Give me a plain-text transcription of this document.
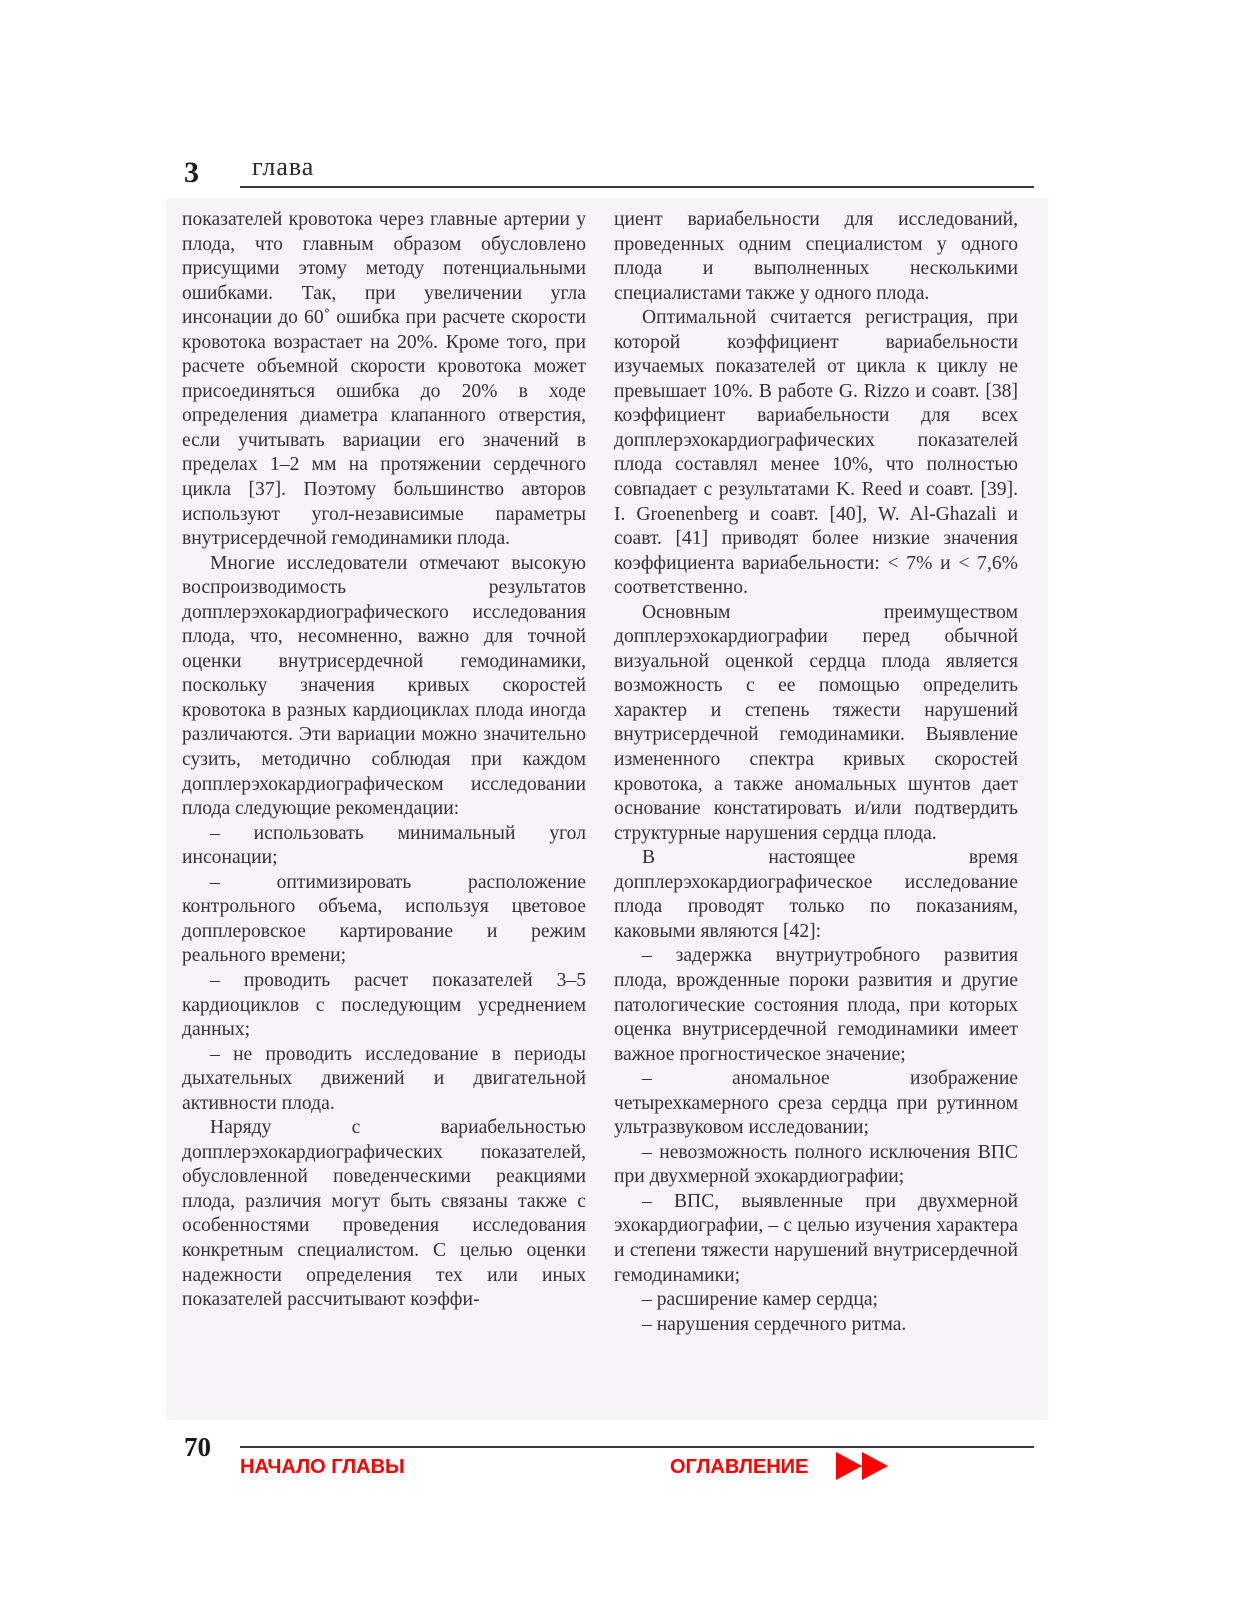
3 глава

показателей кровотока через главные артерии у плода, что главным образом обусловлено присущими этому методу потенциальными ошибками. Так, при увеличении угла инсонации до 60˚ ошибка при расчете скорости кровотока возрастает на 20%. Кроме того, при расчете объемной скорости кровотока может присоединяться ошибка до 20% в ходе определения диаметра клапанного отверстия, если учитывать вариации его значений в пределах 1–2 мм на протяжении сердечного цикла [37]. Поэтому большинство авторов используют угол-независимые параметры внутрисердечной гемодинамики плода.

Многие исследователи отмечают высокую воспроизводимость результатов допплерэхокардиографического исследования плода, что, несомненно, важно для точной оценки внутрисердечной гемодинамики, поскольку значения кривых скоростей кровотока в разных кардиоциклах плода иногда различаются. Эти вариации можно значительно сузить, методично соблюдая при каждом допплерэхокардиографическом исследовании плода следующие рекомендации:

– использовать минимальный угол инсонации;

– оптимизировать расположение контрольного объема, используя цветовое допплеровское картирование и режим реального времени;

– проводить расчет показателей 3–5 кардиоциклов с последующим усреднением данных;

– не проводить исследование в периоды дыхательных движений и двигательной активности плода.

Наряду с вариабельностью допплерэхокардиографических показателей, обусловленной поведенческими реакциями плода, различия могут быть связаны также с особенностями проведения исследования конкретным специалистом. С целью оценки надежности определения тех или иных показателей рассчитывают коэффи-

циент вариабельности для исследований, проведенных одним специалистом у одного плода и выполненных несколькими специалистами также у одного плода.

Оптимальной считается регистрация, при которой коэффициент вариабельности изучаемых показателей от цикла к циклу не превышает 10%. В работе G. Rizzo и соавт. [38] коэффициент вариабельности для всех допплерэхокардиографических показателей плода составлял менее 10%, что полностью совпадает с результатами K. Reed и соавт. [39]. I. Groenenberg и соавт. [40], W. Al-Ghazali и соавт. [41] приводят более низкие значения коэффициента вариабельности: < 7% и < 7,6% соответственно.

Основным преимуществом допплерэхокардиографии перед обычной визуальной оценкой сердца плода является возможность с ее помощью определить характер и степень тяжести нарушений внутрисердечной гемодинамики. Выявление измененного спектра кривых скоростей кровотока, а также аномальных шунтов дает основание констатировать и/или подтвердить структурные нарушения сердца плода.

В настоящее время допплерэхокардиографическое исследование плода проводят только по показаниям, каковыми являются [42]:

– задержка внутриутробного развития плода, врожденные пороки развития и другие патологические состояния плода, при которых оценка внутрисердечной гемодинамики имеет важное прогностическое значение;

– аномальное изображение четырехкамерного среза сердца при рутинном ультразвуковом исследовании;

– невозможность полного исключения ВПС при двухмерной эхокардиографии;

– ВПС, выявленные при двухмерной эхокардиографии, – с целью изучения характера и степени тяжести нарушений внутрисердечной гемодинамики;

– расширение камер сердца;

– нарушения сердечного ритма.

70
НАЧАЛО ГЛАВЫ	ОГЛАВЛЕНИЕ
